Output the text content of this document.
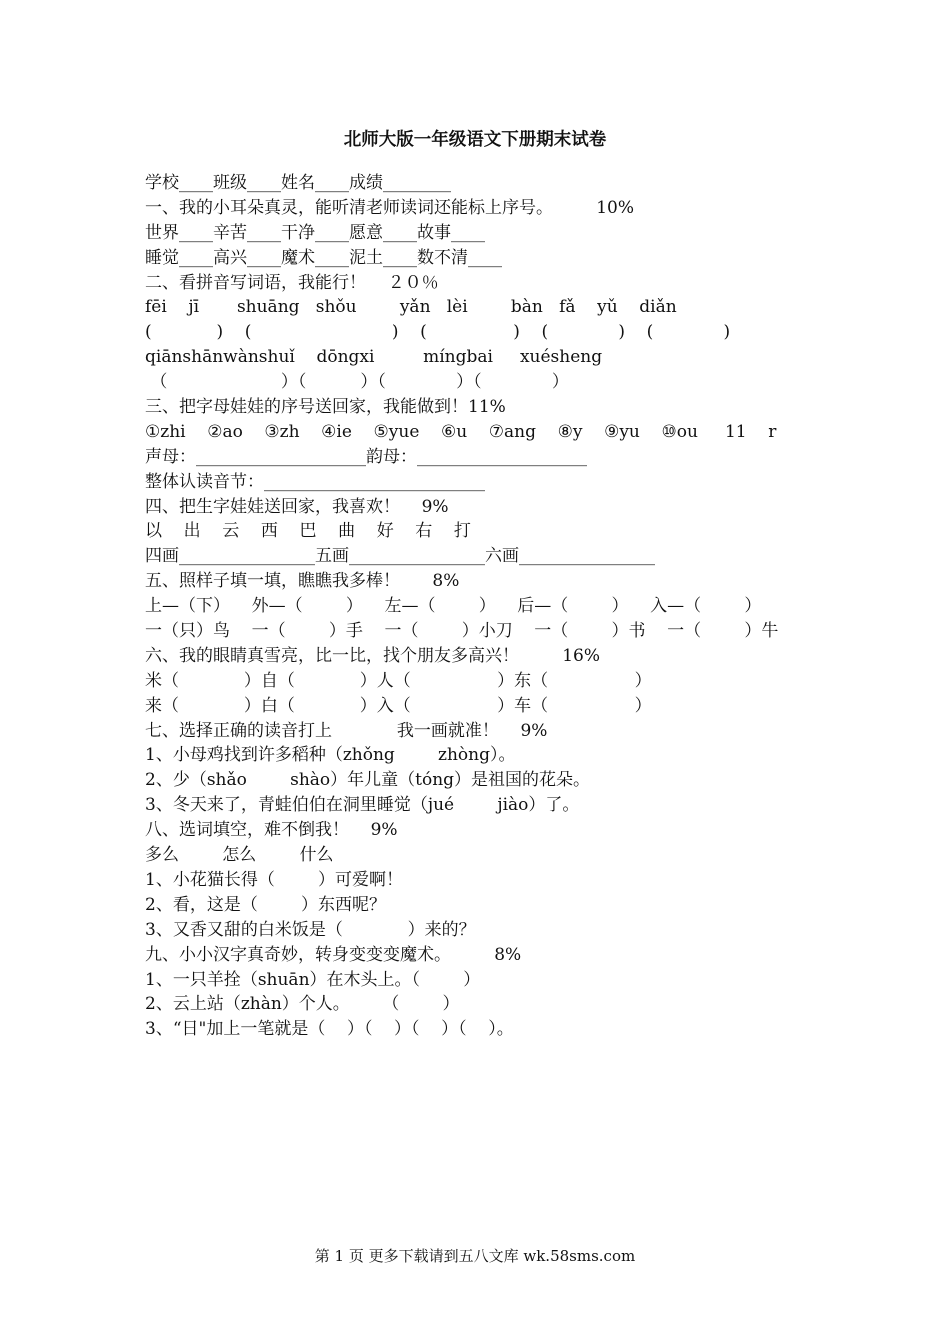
北师大版一年级语文下册期末试卷
学校____班级____姓名____成绩________
一、我的小耳朵真灵，能听清老师读词还能标上序号。        10%
世界____辛苦____干净____愿意____故事____
睡觉____高兴____魔术____泥土____数不清____
二、看拼音写词语，我能行！    ２０％
fēi    jī       shuāng   shǒu        yǎn   lèi        bàn   fǎ    yǔ    diǎn
(            )    (                          )    (                )    (             )    (             )
qiānshānwànshuǐ    dōngxi         míngbai     xuésheng
（                     ）（          ）（             ）（             ）
三、把字母娃娃的序号送回家，我能做到！11%
①zhi    ②ao    ③zh    ④ie    ⑤yue    ⑥u    ⑦ang    ⑧y    ⑨yu    ⑩ou     11    r
声母：____________________韵母：____________________
整体认读音节：__________________________
四、把生字娃娃送回家，我喜欢！    9%
以    出    云    西    巴    曲    好    右    打
四画________________五画________________六画________________
五、照样子填一填，瞧瞧我多棒！      8%
上—（下）    外—（        ）    左—（        ）    后—（        ）    入—（        ）
一（只）鸟    一（        ）手    一（        ）小刀    一（        ）书    一（        ）牛
六、我的眼睛真雪亮，比一比，找个朋友多高兴！        16%
米（            ）自（            ）人（                ）东（                ）
来（            ）白（            ）入（                ）车（                ）
七、选择正确的读音打上            我一画就准！    9%
1、小母鸡找到许多稻种（zhǒng        zhòng）。
2、少（shǎo        shào）年儿童（tóng）是祖国的花朵。
3、冬天来了，青蛙伯伯在洞里睡觉（jué        jiào）了。
八、选词填空，难不倒我！    9%
多么        怎么        什么
1、小花猫长得（        ）可爱啊！
2、看，这是（        ）东西呢？
3、又香又甜的白米饭是（            ）来的？
九、小小汉字真奇妙，转身变变变魔术。        8%
1、一只羊拴（shuān）在木头上。（        ）
2、云上站（zhàn）个人。      （        ）
3、“日"加上一笔就是（    ）（    ）（    ）（    ）。
第 1 页 更多下载请到五八文库 wk.58sms.com
